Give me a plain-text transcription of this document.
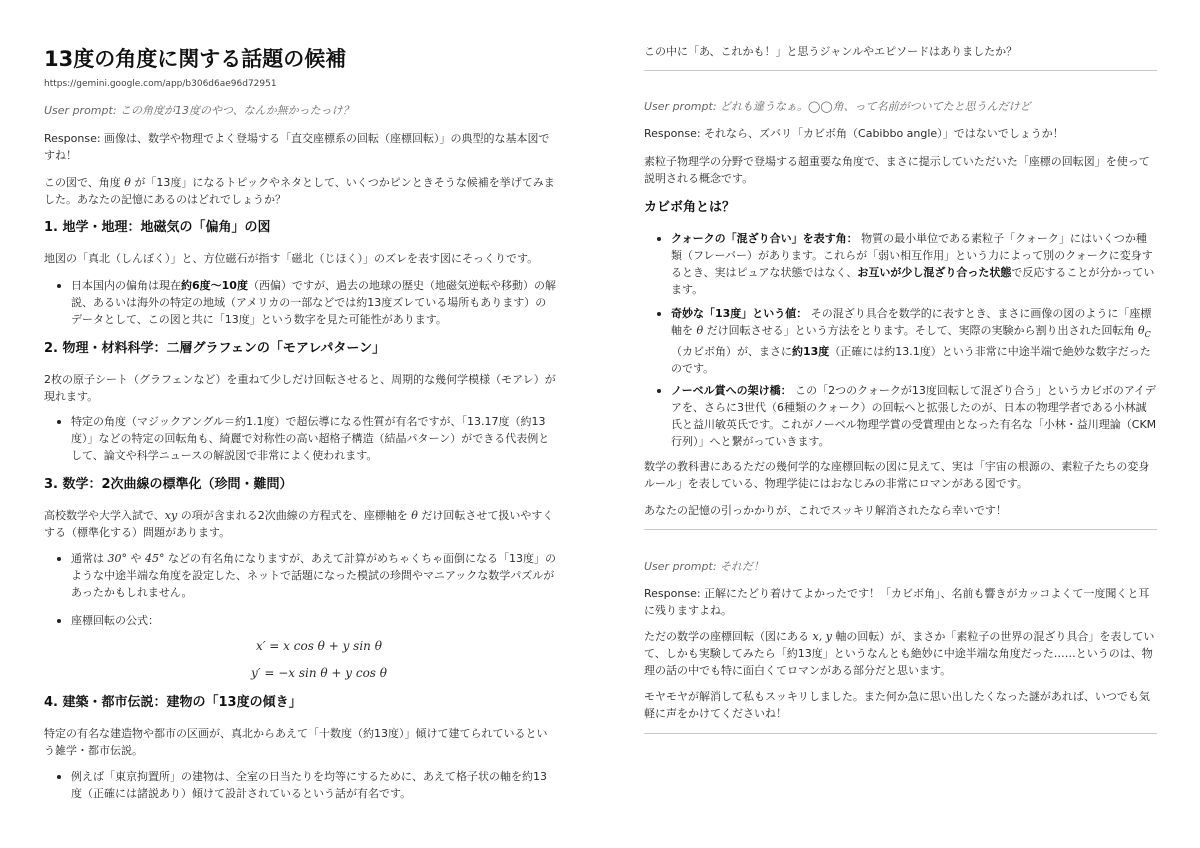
13度の角度に関する話題の候補
https://gemini.google.com/app/b306d6ae96d72951

User prompt: この角度が13度のやつ、なんか無かったっけ？

Response: 画像は、数学や物理でよく登場する「直交座標系の回転（座標回転）」の典型的な基本図ですね！

この図で、角度 θ が「13度」になるトピックやネタとして、いくつかピンときそうな候補を挙げてみました。あなたの記憶にあるのはどれでしょうか？

1. 地学・地理：地磁気の「偏角」の図

地図の「真北（しんぼく）」と、方位磁石が指す「磁北（じほく）」のズレを表す図にそっくりです。

日本国内の偏角は現在約6度〜10度（西偏）ですが、過去の地球の歴史（地磁気逆転や移動）の解説、あるいは海外の特定の地域（アメリカの一部などでは約13度ズレている場所もあります）のデータとして、この図と共に「13度」という数字を見た可能性があります。
2. 物理・材料科学：二層グラフェンの「モアレパターン」

2枚の原子シート（グラフェンなど）を重ねて少しだけ回転させると、周期的な幾何学模様（モアレ）が現れます。

特定の角度（マジックアングル＝約1.1度）で超伝導になる性質が有名ですが、「13.17度（約13度）」などの特定の回転角も、綺麗で対称性の高い超格子構造（結晶パターン）ができる代表例として、論文や科学ニュースの解説図で非常によく使われます。
3. 数学：2次曲線の標準化（珍問・難問）

高校数学や大学入試で、xy の項が含まれる2次曲線の方程式を、座標軸を θ だけ回転させて扱いやすくする（標準化する）問題があります。

通常は 30° や 45° などの有名角になりますが、あえて計算がめちゃくちゃ面倒になる「13度」のような中途半端な角度を設定した、ネットで話題になった模試の珍問やマニアックな数学パズルがあったかもしれません。
座標回転の公式：
x′ = x cos θ + y sin θ
y′ = −x sin θ + y cos θ
4. 建築・都市伝説：建物の「13度の傾き」

特定の有名な建造物や都市の区画が、真北からあえて「十数度（約13度）」傾けて建てられているという雑学・都市伝説。

例えば「東京拘置所」の建物は、全室の日当たりを均等にするために、あえて格子状の軸を約13度（正確には諸説あり）傾けて設計されているという話が有名です。

この中に「あ、これかも！」と思うジャンルやエピソードはありましたか？

User prompt: どれも違うなぁ。◯◯角、って名前がついてたと思うんだけど

Response: それなら、ズバリ「カビボ角（Cabibbo angle）」ではないでしょうか！

素粒子物理学の分野で登場する超重要な角度で、まさに提示していただいた「座標の回転図」を使って説明される概念です。

カビボ角とは？
クォークの「混ざり合い」を表す角： 物質の最小単位である素粒子「クォーク」にはいくつか種類（フレーバー）があります。これらが「弱い相互作用」という力によって別のクォークに変身するとき、実はピュアな状態ではなく、お互いが少し混ざり合った状態で反応することが分かっています。
奇妙な「13度」という値： その混ざり具合を数学的に表すとき、まさに画像の図のように「座標軸を θ だけ回転させる」という方法をとります。そして、実際の実験から割り出された回転角 $\theta_C$（カビボ角）が、まさに約13度（正確には約13.1度）という非常に中途半端で絶妙な数字だったのです。
ノーベル賞への架け橋： この「2つのクォークが13度回転して混ざり合う」というカビボのアイデアを、さらに3世代（6種類のクォーク）の回転へと拡張したのが、日本の物理学者である小林誠氏と益川敏英氏です。これがノーベル物理学賞の受賞理由となった有名な「小林・益川理論（CKM行列）」へと繋がっていきます。

数学の教科書にあるただの幾何学的な座標回転の図に見えて、実は「宇宙の根源の、素粒子たちの変身ルール」を表している、物理学徒にはおなじみの非常にロマンがある図です。

あなたの記憶の引っかかりが、これでスッキリ解消されたなら幸いです！

User prompt: それだ！

Response: 正解にたどり着けてよかったです！「カビボ角」、名前も響きがカッコよくて一度聞くと耳に残りますよね。

ただの数学の座標回転（図にある x, y 軸の回転）が、まさか「素粒子の世界の混ざり具合」を表していて、しかも実験してみたら「約13度」というなんとも絶妙に中途半端な角度だった……というのは、物理の話の中でも特に面白くてロマンがある部分だと思います。

モヤモヤが解消して私もスッキリしました。また何か急に思い出したくなった謎があれば、いつでも気軽に声をかけてくださいね！
